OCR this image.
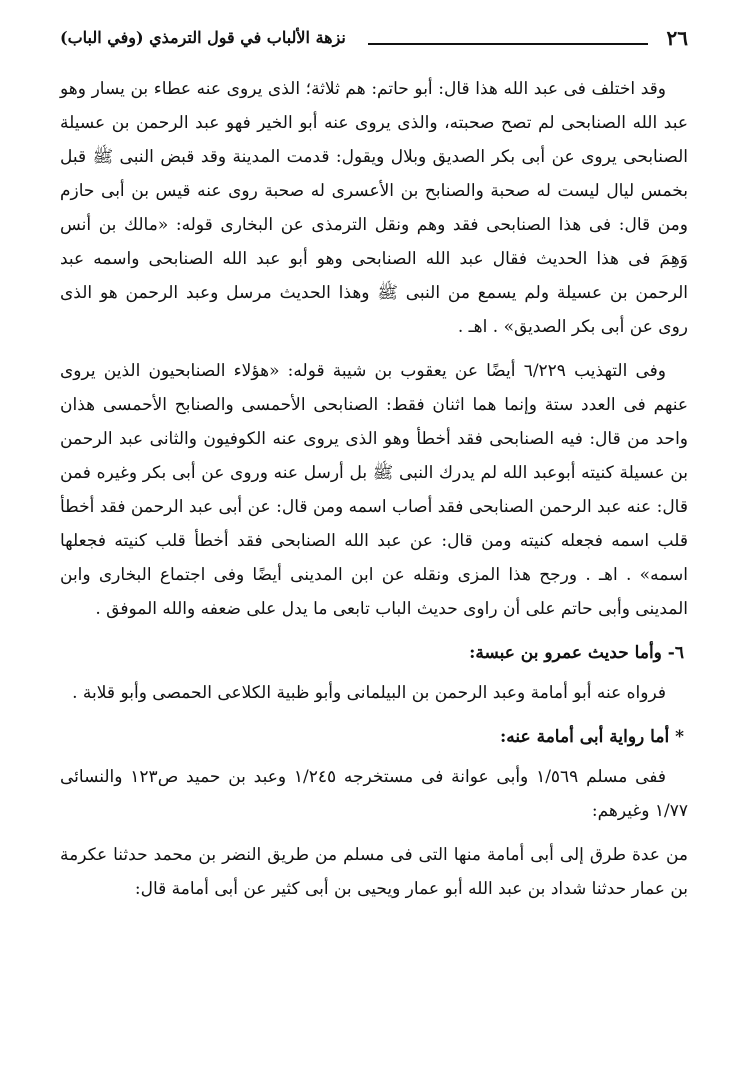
٢٦
نزهة الألباب في قول الترمذي (وفي الباب)

وقد اختلف فى عبد الله هذا قال: أبو حاتم: هم ثلاثة؛ الذى يروى عنه عطاء بن يسار وهو عبد الله الصنابحى لم تصح صحبته، والذى يروى عنه أبو الخير فهو عبد الرحمن بن عسيلة الصنابحى يروى عن أبى بكر الصديق وبلال ويقول: قدمت المدينة وقد قبض النبى ﷺ قبل بخمس ليال ليست له صحبة والصنابح بن الأعسرى له صحبة روى عنه قيس بن أبى حازم ومن قال: فى هذا الصنابحى فقد وهم ونقل الترمذى عن البخارى قوله: «مالك بن أنس وَهِمَ فى هذا الحديث فقال عبد الله الصنابحى وهو أبو عبد الله الصنابحى واسمه عبد الرحمن بن عسيلة ولم يسمع من النبى ﷺ وهذا الحديث مرسل وعبد الرحمن هو الذى روى عن أبى بكر الصديق» . اهـ .

وفى التهذيب ٦/٢٢٩ أيضًا عن يعقوب بن شيبة قوله: «هؤلاء الصنابحيون الذين يروى عنهم فى العدد ستة وإنما هما اثنان فقط: الصنابحى الأحمسى والصنابح الأحمسى هذان واحد من قال: فيه الصنابحى فقد أخطأ وهو الذى يروى عنه الكوفيون والثانى عبد الرحمن بن عسيلة كنيته أبوعبد الله لم يدرك النبى ﷺ بل أرسل عنه وروى عن أبى بكر وغيره فمن قال: عنه عبد الرحمن الصنابحى فقد أصاب اسمه ومن قال: عن أبى عبد الرحمن فقد أخطأ قلب اسمه فجعله كنيته ومن قال: عن عبد الله الصنابحى فقد أخطأ قلب كنيته فجعلها اسمه» . اهـ . ورجح هذا المزى ونقله عن ابن المدينى أيضًا وفى اجتماع البخارى وابن المدينى وأبى حاتم على أن راوى حديث الباب تابعى ما يدل على ضعفه والله الموفق .

٦- وأما حديث عمرو بن عبسة:

فرواه عنه أبو أمامة وعبد الرحمن بن البيلمانى وأبو ظبية الكلاعى الحمصى وأبو قلابة .

* أما رواية أبى أمامة عنه:

ففى مسلم ١/٥٦٩ وأبى عوانة فى مستخرجه ١/٢٤٥ وعبد بن حميد ص١٢٣ والنسائى ١/٧٧ وغيرهم:

من عدة طرق إلى أبى أمامة منها التى فى مسلم من طريق النضر بن محمد حدثنا عكرمة بن عمار حدثنا شداد بن عبد الله أبو عمار ويحيى بن أبى كثير عن أبى أمامة قال:
